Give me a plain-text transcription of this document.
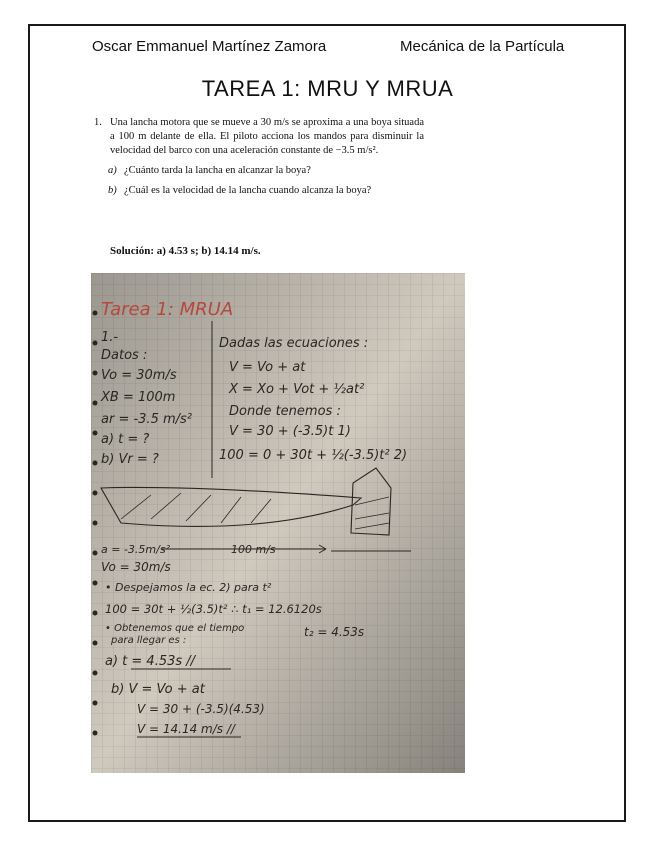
Oscar Emmanuel Martínez Zamora	Mecánica de la Partícula
TAREA 1: MRU Y MRUA
1. Una lancha motora que se mueve a 30 m/s se aproxima a una boya situada a 100 m delante de ella. El piloto acciona los mandos para disminuir la velocidad del barco con una aceleración constante de −3.5 m/s².
a) ¿Cuánto tarda la lancha en alcanzar la boya?
b) ¿Cuál es la velocidad de la lancha cuando alcanza la boya?
Solución: a) 4.53 s; b) 14.14 m/s.
Tarea 1: MRUA
1.-
Datos :
Vo = 30m/s
XB = 100m
ar = -3.5 m/s²
a) t = ?
b) Vr = ?
Dadas las ecuaciones :
V = Vo + at
X = Xo + Vot + ½at²
Donde tenemos :
V = 30 + (-3.5)t 1)
100 = 0 + 30t + ½(-3.5)t² 2)
a = -3.5m/s²	100 m/s
Vo = 30m/s
• Despejamos la ec. 2) para t²
100 = 30t + ½(3.5)t² ∴ t₁ = 12.6120s
• Obtenemos que el tiempo
para llegar es :
t₂ = 4.53s
a) t = 4.53s //
b) V = Vo + at
V = 30 + (-3.5)(4.53)
V = 14.14 m/s //
